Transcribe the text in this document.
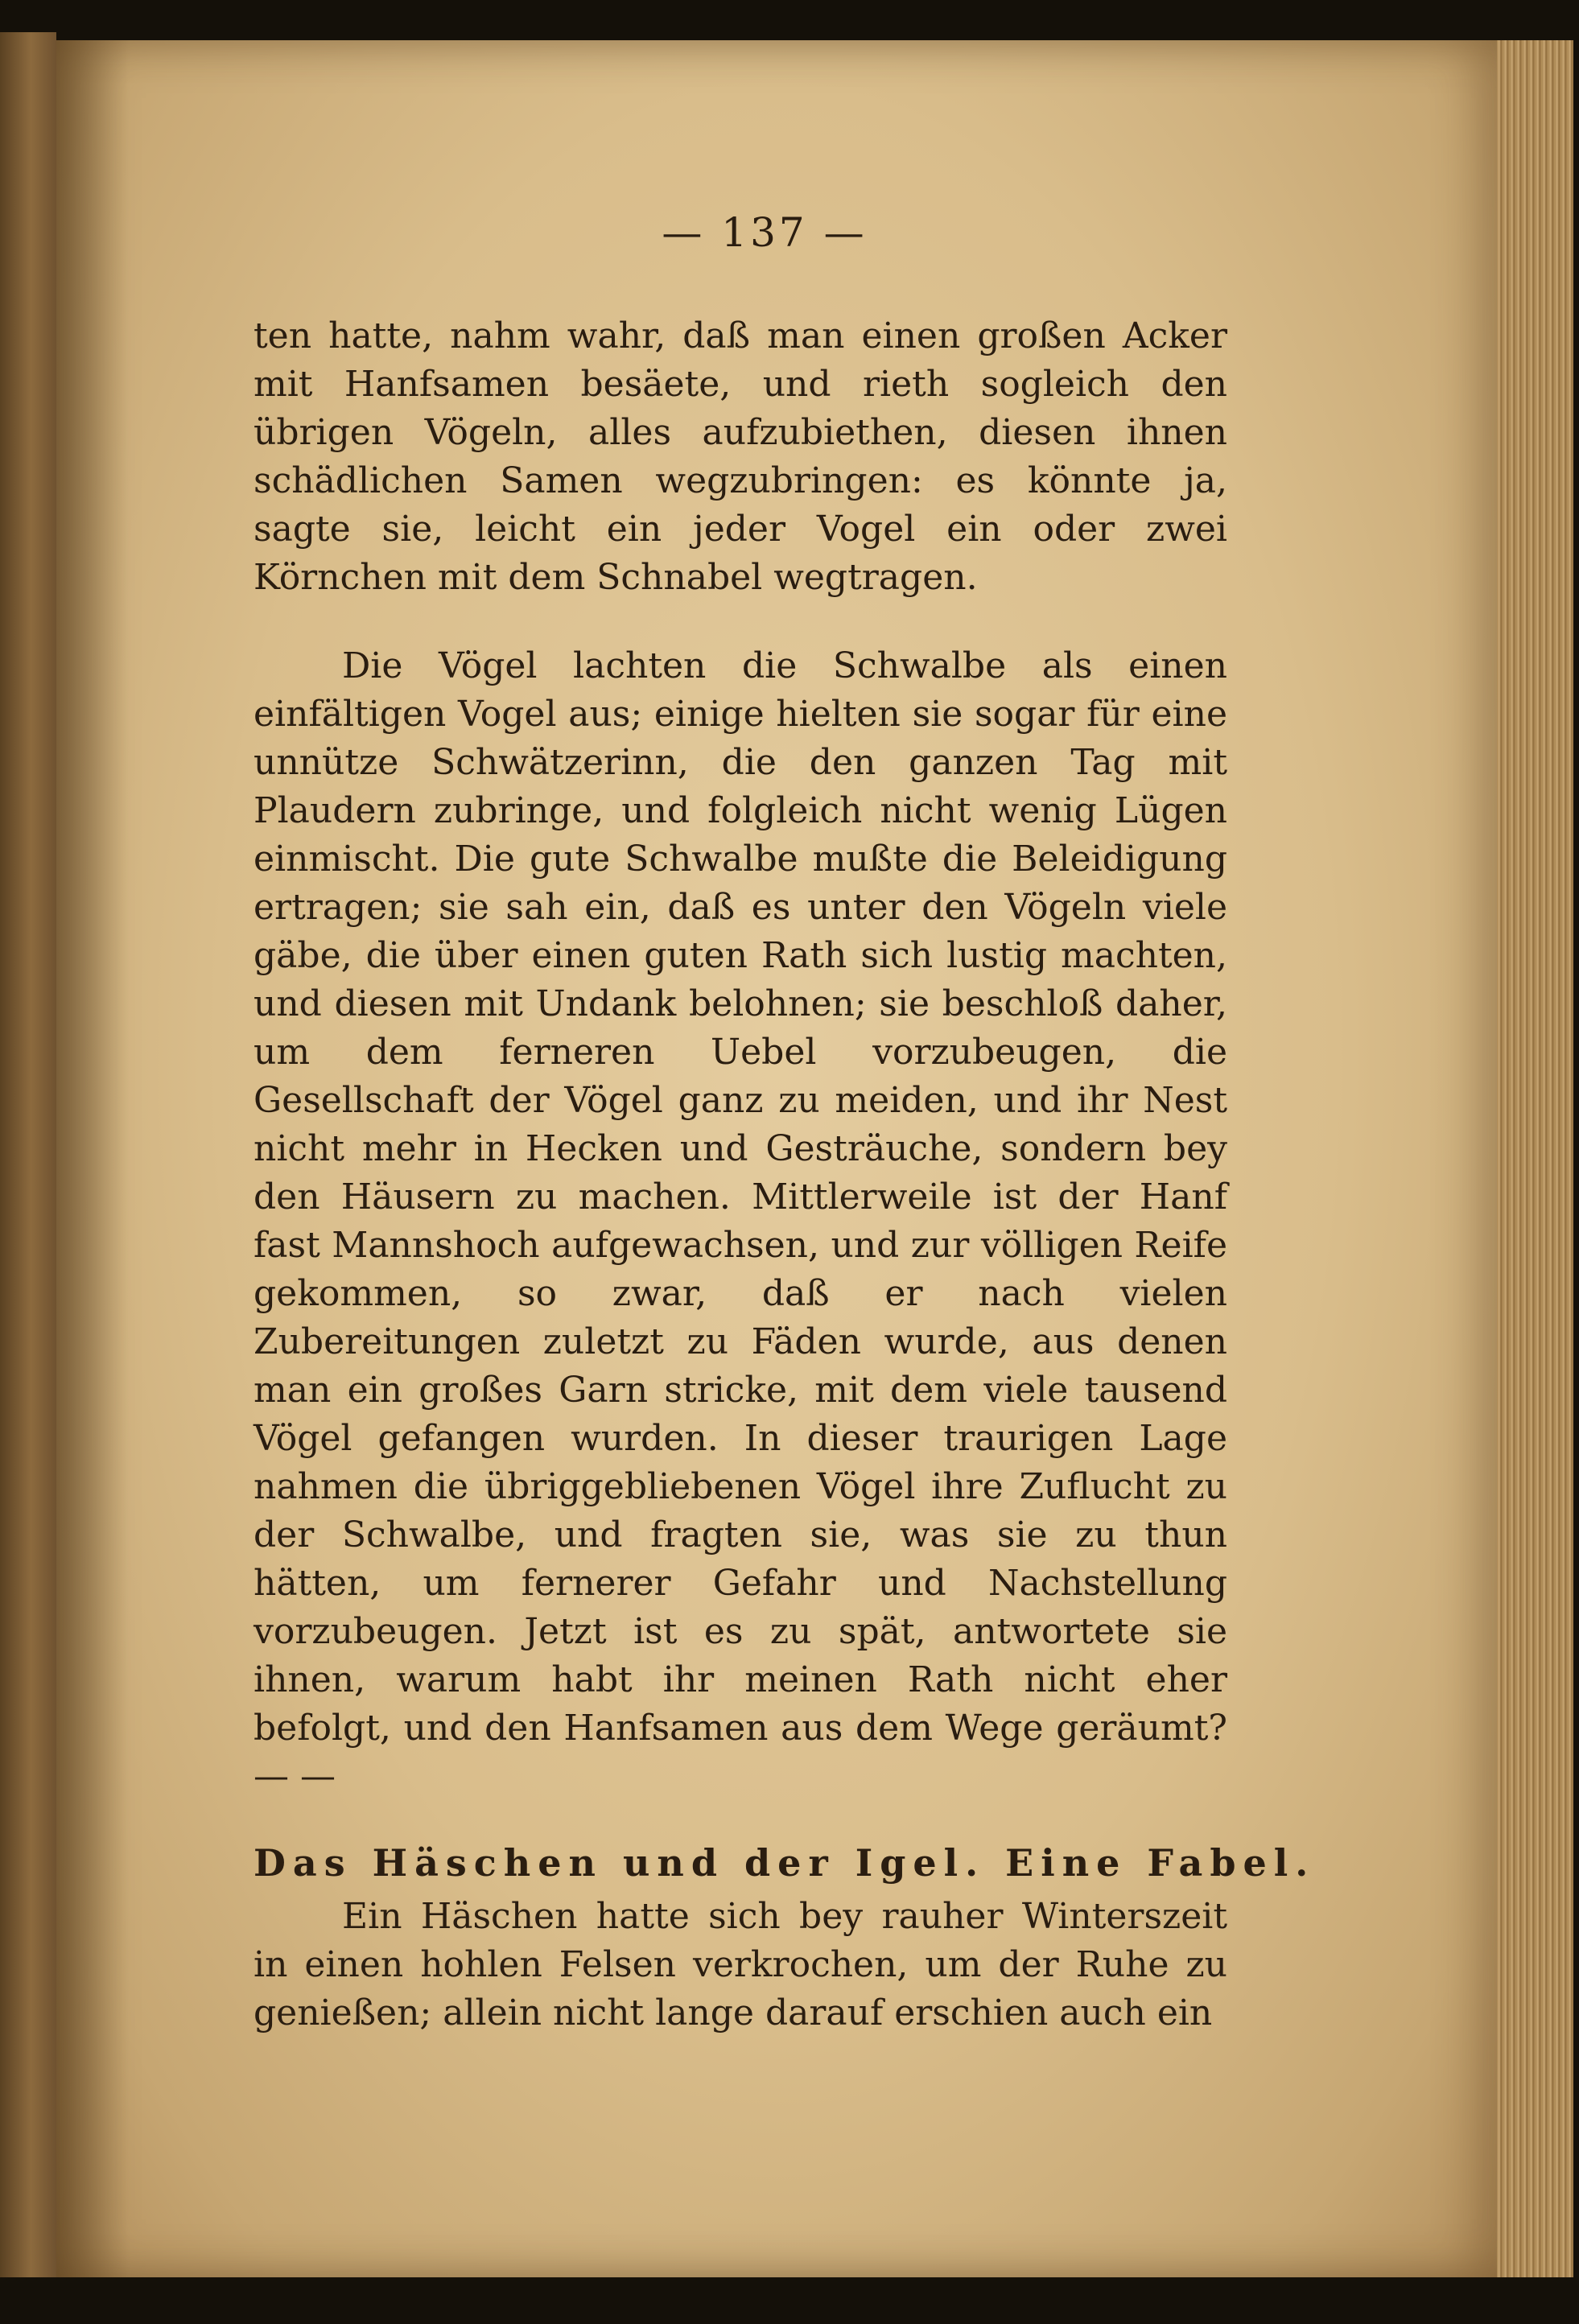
— 137 —

ten hatte, nahm wahr, daß man einen großen Acker mit Hanfsamen besäete, und rieth sogleich den übrigen Vögeln, alles aufzubiethen, diesen ihnen schädlichen Samen wegzubringen: es könnte ja, sagte sie, leicht ein jeder Vogel ein oder zwei Körnchen mit dem Schnabel wegtragen.

Die Vögel lachten die Schwalbe als einen einfältigen Vogel aus; einige hielten sie sogar für eine unnütze Schwätzerinn, die den ganzen Tag mit Plaudern zubringe, und folgleich nicht wenig Lügen einmischt. Die gute Schwalbe mußte die Beleidigung ertragen; sie sah ein, daß es unter den Vögeln viele gäbe, die über einen guten Rath sich lustig machten, und diesen mit Undank belohnen; sie beschloß daher, um dem ferneren Uebel vorzubeugen, die Gesellschaft der Vögel ganz zu meiden, und ihr Nest nicht mehr in Hecken und Gesträuche, sondern bey den Häusern zu machen. Mittlerweile ist der Hanf fast Mannshoch aufgewachsen, und zur völligen Reife gekommen, so zwar, daß er nach vielen Zubereitungen zuletzt zu Fäden wurde, aus denen man ein großes Garn stricke, mit dem viele tausend Vögel gefangen wurden. In dieser traurigen Lage nahmen die übriggebliebenen Vögel ihre Zuflucht zu der Schwalbe, und fragten sie, was sie zu thun hätten, um fernerer Gefahr und Nachstellung vorzubeugen. Jetzt ist es zu spät, antwortete sie ihnen, warum habt ihr meinen Rath nicht eher befolgt, und den Hanfsamen aus dem Wege geräumt? — —

Das Häschen und der Igel. Eine Fabel.

Ein Häschen hatte sich bey rauher Winterszeit in einen hohlen Felsen verkrochen, um der Ruhe zu genießen; allein nicht lange darauf erschien auch ein
